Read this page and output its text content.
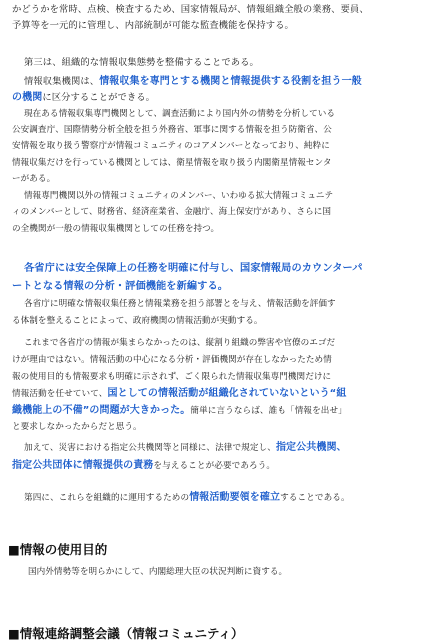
かどうかを常時、点検、検査するため、国家情報局が、情報組織全般の業務、要員、
予算等を一元的に管理し、内部統制が可能な監査機能を保持する。
第三は、組織的な情報収集態勢を整備することである。
情報収集機関は、情報収集を専門とする機関と情報提供する役割を担う一般
の機関に区分することができる。
現在ある情報収集専門機関として、調査活動により国内外の情勢を分析している
公安調査庁、国際情勢分析全般を担う外務省、軍事に関する情報を担う防衛省、公
安情報を取り扱う警察庁が情報コミュニティのコアメンバーとなっており、純粋に
情報収集だけを行っている機関としては、衛星情報を取り扱う内閣衛星情報センタ
ーがある。
情報専門機関以外の情報コミュニティのメンバー、いわゆる拡大情報コミュニテ
ィのメンバーとして、財務省、経済産業省、金融庁、海上保安庁があり、さらに国
の全機関が一般の情報収集機関としての任務を持つ。
各省庁には安全保障上の任務を明確に付与し、国家情報局のカウンターパ
ートとなる情報の分析・評価機能を新編する。
各省庁に明確な情報収集任務と情報業務を担う部署とを与え、情報活動を評価す
る体制を整えることによって、政府機関の情報活動が実動する。
これまで各省庁の情報が集まらなかったのは、縦割り組織の弊害や官僚のエゴだ
けが理由ではない。情報活動の中心になる分析・評価機関が存在しなかったため情
報の使用目的も情報要求も明確に示されず、ごく限られた情報収集専門機関だけに
情報活動を任せていて、国としての情報活動が組織化されていないという“組
織機能上の不備”の問題が大きかった。簡単に言うならば、誰も「情報を出せ」
と要求しなかったからだと思う。
加えて、災害における指定公共機関等と同様に、法律で規定し、指定公共機関、
指定公共団体に情報提供の責務を与えることが必要であろう。
第四に、これらを組織的に運用するための情報活動要領を確立することである。
■情報の使用目的
国内外情勢等を明らかにして、内閣総理大臣の状況判断に資する。
■情報連絡調整会議（情報コミュニティ）
